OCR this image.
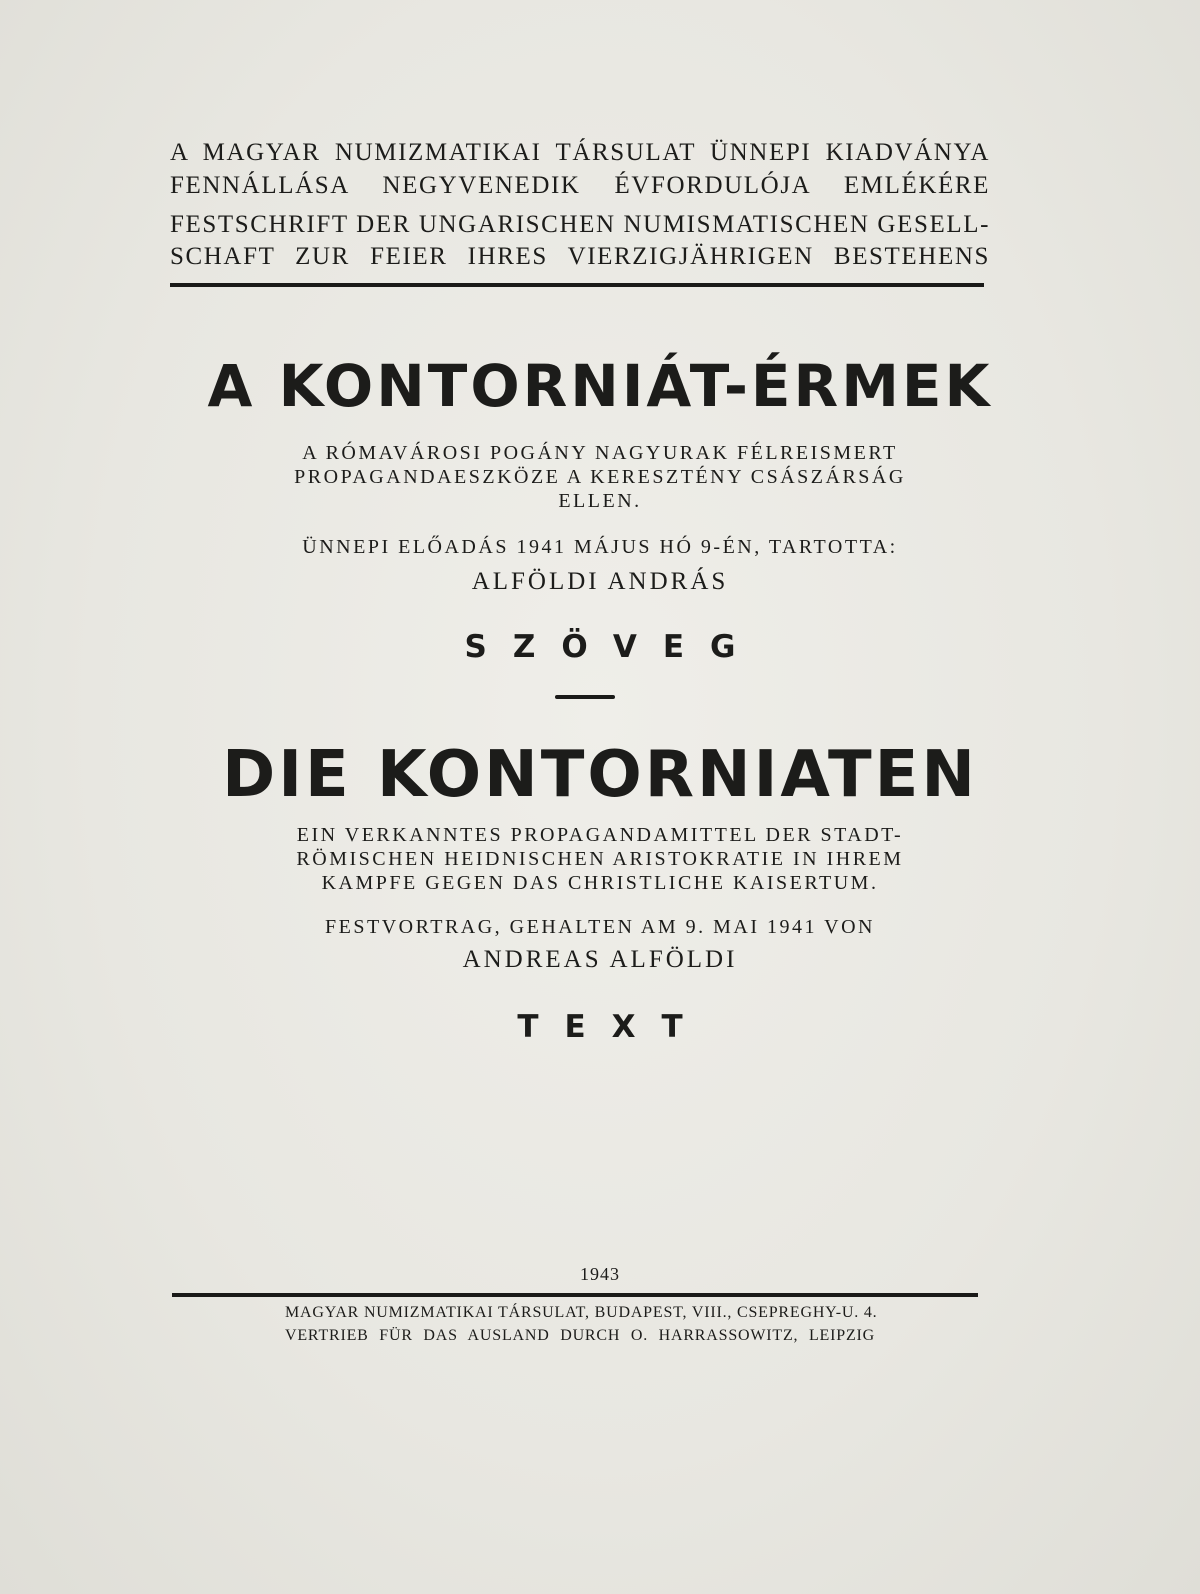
A MAGYAR NUMIZMATIKAI TÁRSULAT ÜNNEPI KIADVÁNYA
FENNÁLLÁSA NEGYVENEDIK ÉVFORDULÓJA EMLÉKÉRE
FESTSCHRIFT DER UNGARISCHEN NUMISMATISCHEN GESELL-
SCHAFT ZUR FEIER IHRES VIERZIGJÄHRIGEN BESTEHENS
A KONTORNIÁT-ÉRMEK
A RÓMAVÁROSI POGÁNY NAGYURAK FÉLREISMERT
PROPAGANDAESZKÖZE A KERESZTÉNY CSÁSZÁRSÁG
ELLEN.
ÜNNEPI ELŐADÁS 1941 MÁJUS HÓ 9-ÉN, TARTOTTA:
ALFÖLDI ANDRÁS
SZÖVEG
DIE KONTORNIATEN
EIN VERKANNTES PROPAGANDAMITTEL DER STADT-
RÖMISCHEN HEIDNISCHEN ARISTOKRATIE IN IHREM
KAMPFE GEGEN DAS CHRISTLICHE KAISERTUM.
FESTVORTRAG, GEHALTEN AM 9. MAI 1941 VON
ANDREAS ALFÖLDI
TEXT
1943
MAGYAR NUMIZMATIKAI TÁRSULAT, BUDAPEST, VIII., CSEPREGHY-U. 4.
VERTRIEB FÜR DAS AUSLAND DURCH O. HARRASSOWITZ, LEIPZIG
